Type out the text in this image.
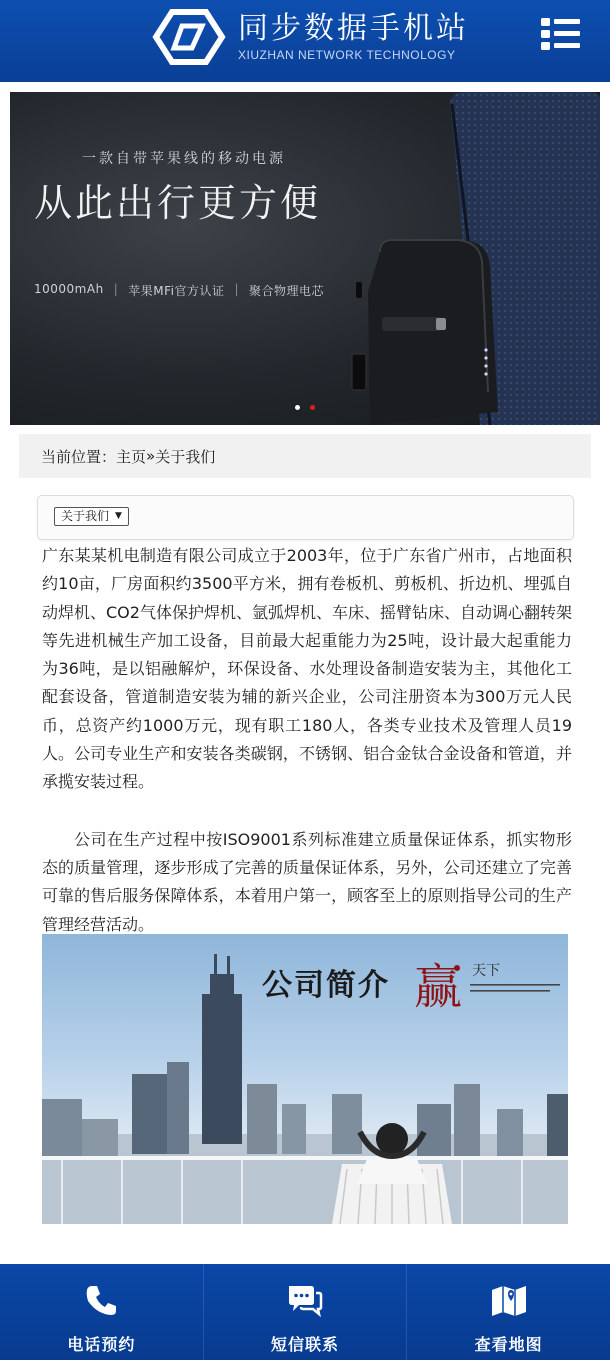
同步数据手机站
XIUZHAN NETWORK TECHNOLOGY
一款自带苹果线的移动电源
从此出行更方便
10000mAh | 苹果MFi官方认证 | 聚合物理电芯
当前位置： 主页 » 关于我们
关于我们 ▼

广东某某机电制造有限公司成立于2003年，位于广东省广州市，占地面积约10亩，厂房面积约3500平方米，拥有卷板机、剪板机、折边机、埋弧自动焊机、CO2气体保护焊机、氩弧焊机、车床、摇臂钻床、自动调心翻转架等先进机械生产加工设备，目前最大起重能力为25吨，设计最大起重能力为36吨，是以铝融解炉，环保设备、水处理设备制造安装为主，其他化工配套设备，管道制造安装为辅的新兴企业，公司注册资本为300万元人民币，总资产约1000万元，现有职工180人，各类专业技术及管理人员19人。公司专业生产和安装各类碳钢，不锈钢、铝合金钛合金设备和管道，并承揽安装过程。

公司在生产过程中按ISO9001系列标准建立质量保证体系，抓实物形态的质量管理，逐步形成了完善的质量保证体系，另外，公司还建立了完善可靠的售后服务保障体系，本着用户第一，顾客至上的原则指导公司的生产管理经营活动。

公司简介 赢 天下
电话预约	短信联系	查看地图
